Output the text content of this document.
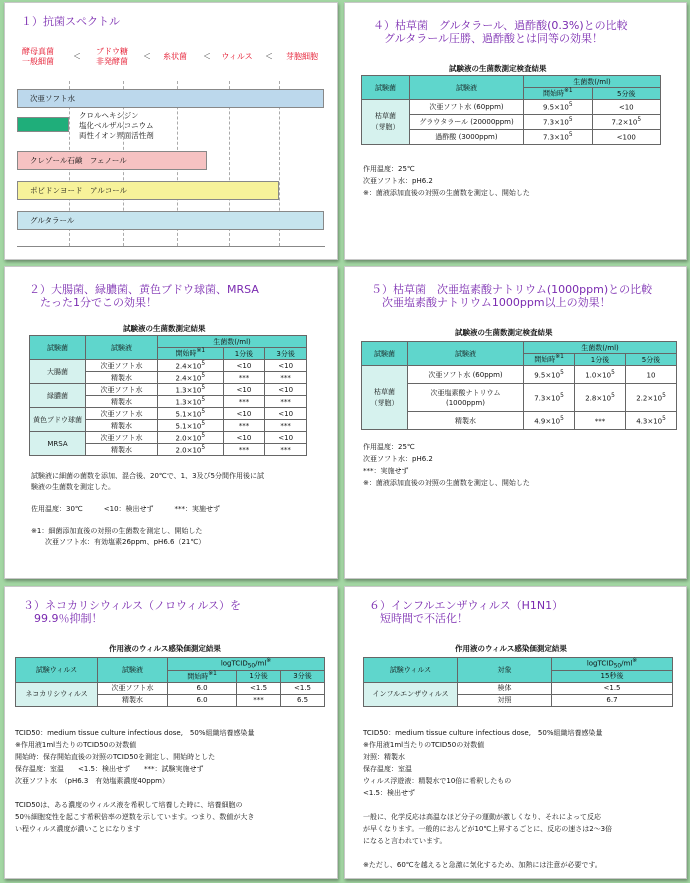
１）抗菌スペクトル
酵母真菌
一般細菌
＜
ブドウ糖
非発酵菌
＜	糸状菌	＜	ウィルス	＜	芽胞細胞
次亜ソフト水
クロルヘキシジン
塩化ベルザルコニウム
両性イオン界面活性剤
クレゾール石鹸　フェノール
ポビドンヨード　アルコール
グルタラール
２）大腸菌、緑膿菌、黄色ブドウ球菌、MRSA
　たった1分でこの効果！
試験液の生菌数測定結果
試験菌	試験液	生菌数(/ml)		
		開始時$^{※1}$	1分後	3分後
大腸菌	次亜ソフト水	$2.4\times 10^5$	<10	<10
	精製水	$2.4\times 10^5$	***	***
緑膿菌	次亜ソフト水	$1.3\times 10^5$	<10	<10
	精製水	$1.3\times 10^5$	***	***
黄色ブドウ球菌	次亜ソフト水	$5.1\times 10^5$	<10	<10
	精製水	$5.1\times 10^5$	***	***
MRSA	次亜ソフト水	$2.0\times 10^5$	<10	<10
	精製水	$2.0\times 10^5$	***	***
試験液に細菌の菌数を添加、混合後、20℃で、1、3及び5分間作用後に試
験液の生菌数を測定した。

佐用温度：30℃　　　<10：検出せず　　　***：実施せず

※1：細菌添加直後の対照の生菌数を測定し、開始した
　　次亜ソフト水：有効塩素26ppm、pH6.6（21℃）
３）ネコカリシウィルス（ノロウィルス）を
　99.9％抑制！
作用液のウィルス感染価測定結果
試験ウィルス	試験液	logTCID$_{50}$/ml※
		開始時$^{※1}$	1分後	3分後
ネコカリシウィルス	次亜ソフト水	6.0	<1.5	<1.5
	精製水	6.0	***	6.5
TCID50：medium tissue culture infectious dose,　50%組織培養感染量
※作用液1ml当たりのTCID50の対数値
開始時：保存開始直後の対照のTCID50を測定し、開始時とした
保存温度：室温　　<1.5：検出せず　　***：試験実施せず
次亜ソフト水　（pH6.3　有効塩素濃度40ppm）

TCID50は、ある濃度のウィルス液を希釈して培養した時に、培養細胞の
50％細胞変性を起こす希釈倍率の逆数を示しています。つまり、数値が大き
い程ウィルス濃度が濃いことになります
４）枯草菌　グルタラール、過酢酸(0.3%)との比較
　グルタラール圧勝、過酢酸とは同等の効果！
試験液の生菌数測定検査結果
試験菌	試験液	生菌数(/ml)	
		開始時$^{※1}$	5分後
枯草菌
（芽胞）	次亜ソフト水 (60ppm)	$9.5\times 10^5$	<10
	グラウタラール (20000ppm)	$7.3\times 10^5$	$7.2\times 10^5$
	過酢酸 (3000ppm)	$7.3\times 10^5$	<100
作用温度：25℃
次亜ソフト水：pH6.2
※：菌液添加直後の対照の生菌数を測定し、開始した
５）枯草菌　次亜塩素酸ナトリウム(1000ppm)との比較
　次亜塩素酸ナトリウム1000ppm以上の効果！
試験液の生菌数測定検査結果
試験菌	試験液	生菌数(/ml)		
		開始時$^{※1}$	1分後	5分後
枯草菌
（芽胞）	次亜ソフト水 (60ppm)	$9.5\times 10^5$	$1.0\times 10^5$	10
	次亜塩素酸ナトリウム
(1000ppm)	$7.3\times 10^5$	$2.8\times 10^5$	$2.2\times 10^5$
	精製水	$4.9\times 10^5$	***	$4.3\times 10^5$
作用温度：25℃
次亜ソフト水：pH6.2
***：実施せず
※：菌液添加直後の対照の生菌数を測定し、開始した
６）インフルエンザウィルス（H1N1）
　短時間で不活化！
作用液のウィルス感染価測定結果
試験ウィルス	対象	logTCID$_{50}$/ml※
		15秒後
インフルエンザウィルス	検体	<1.5
	対照	6.7
TCID50：medium tissue culture infectious dose,　50%組織培養感染量
※作用液1ml当たりのTCID50の対数値
対照：精製水
保存温度：室温
ウィルス浮遊液：精製水で10倍に希釈したもの
<1.5：検出せず

一般に、化学反応は高温なほど分子の運動が激しくなり、それによって反応
が早くなります。一般的におんどが10℃上昇するごとに、反応の速さは2～3倍
になると言われています。

※ただし、60℃を越えると急激に気化するため、加熱には注意が必要です。
